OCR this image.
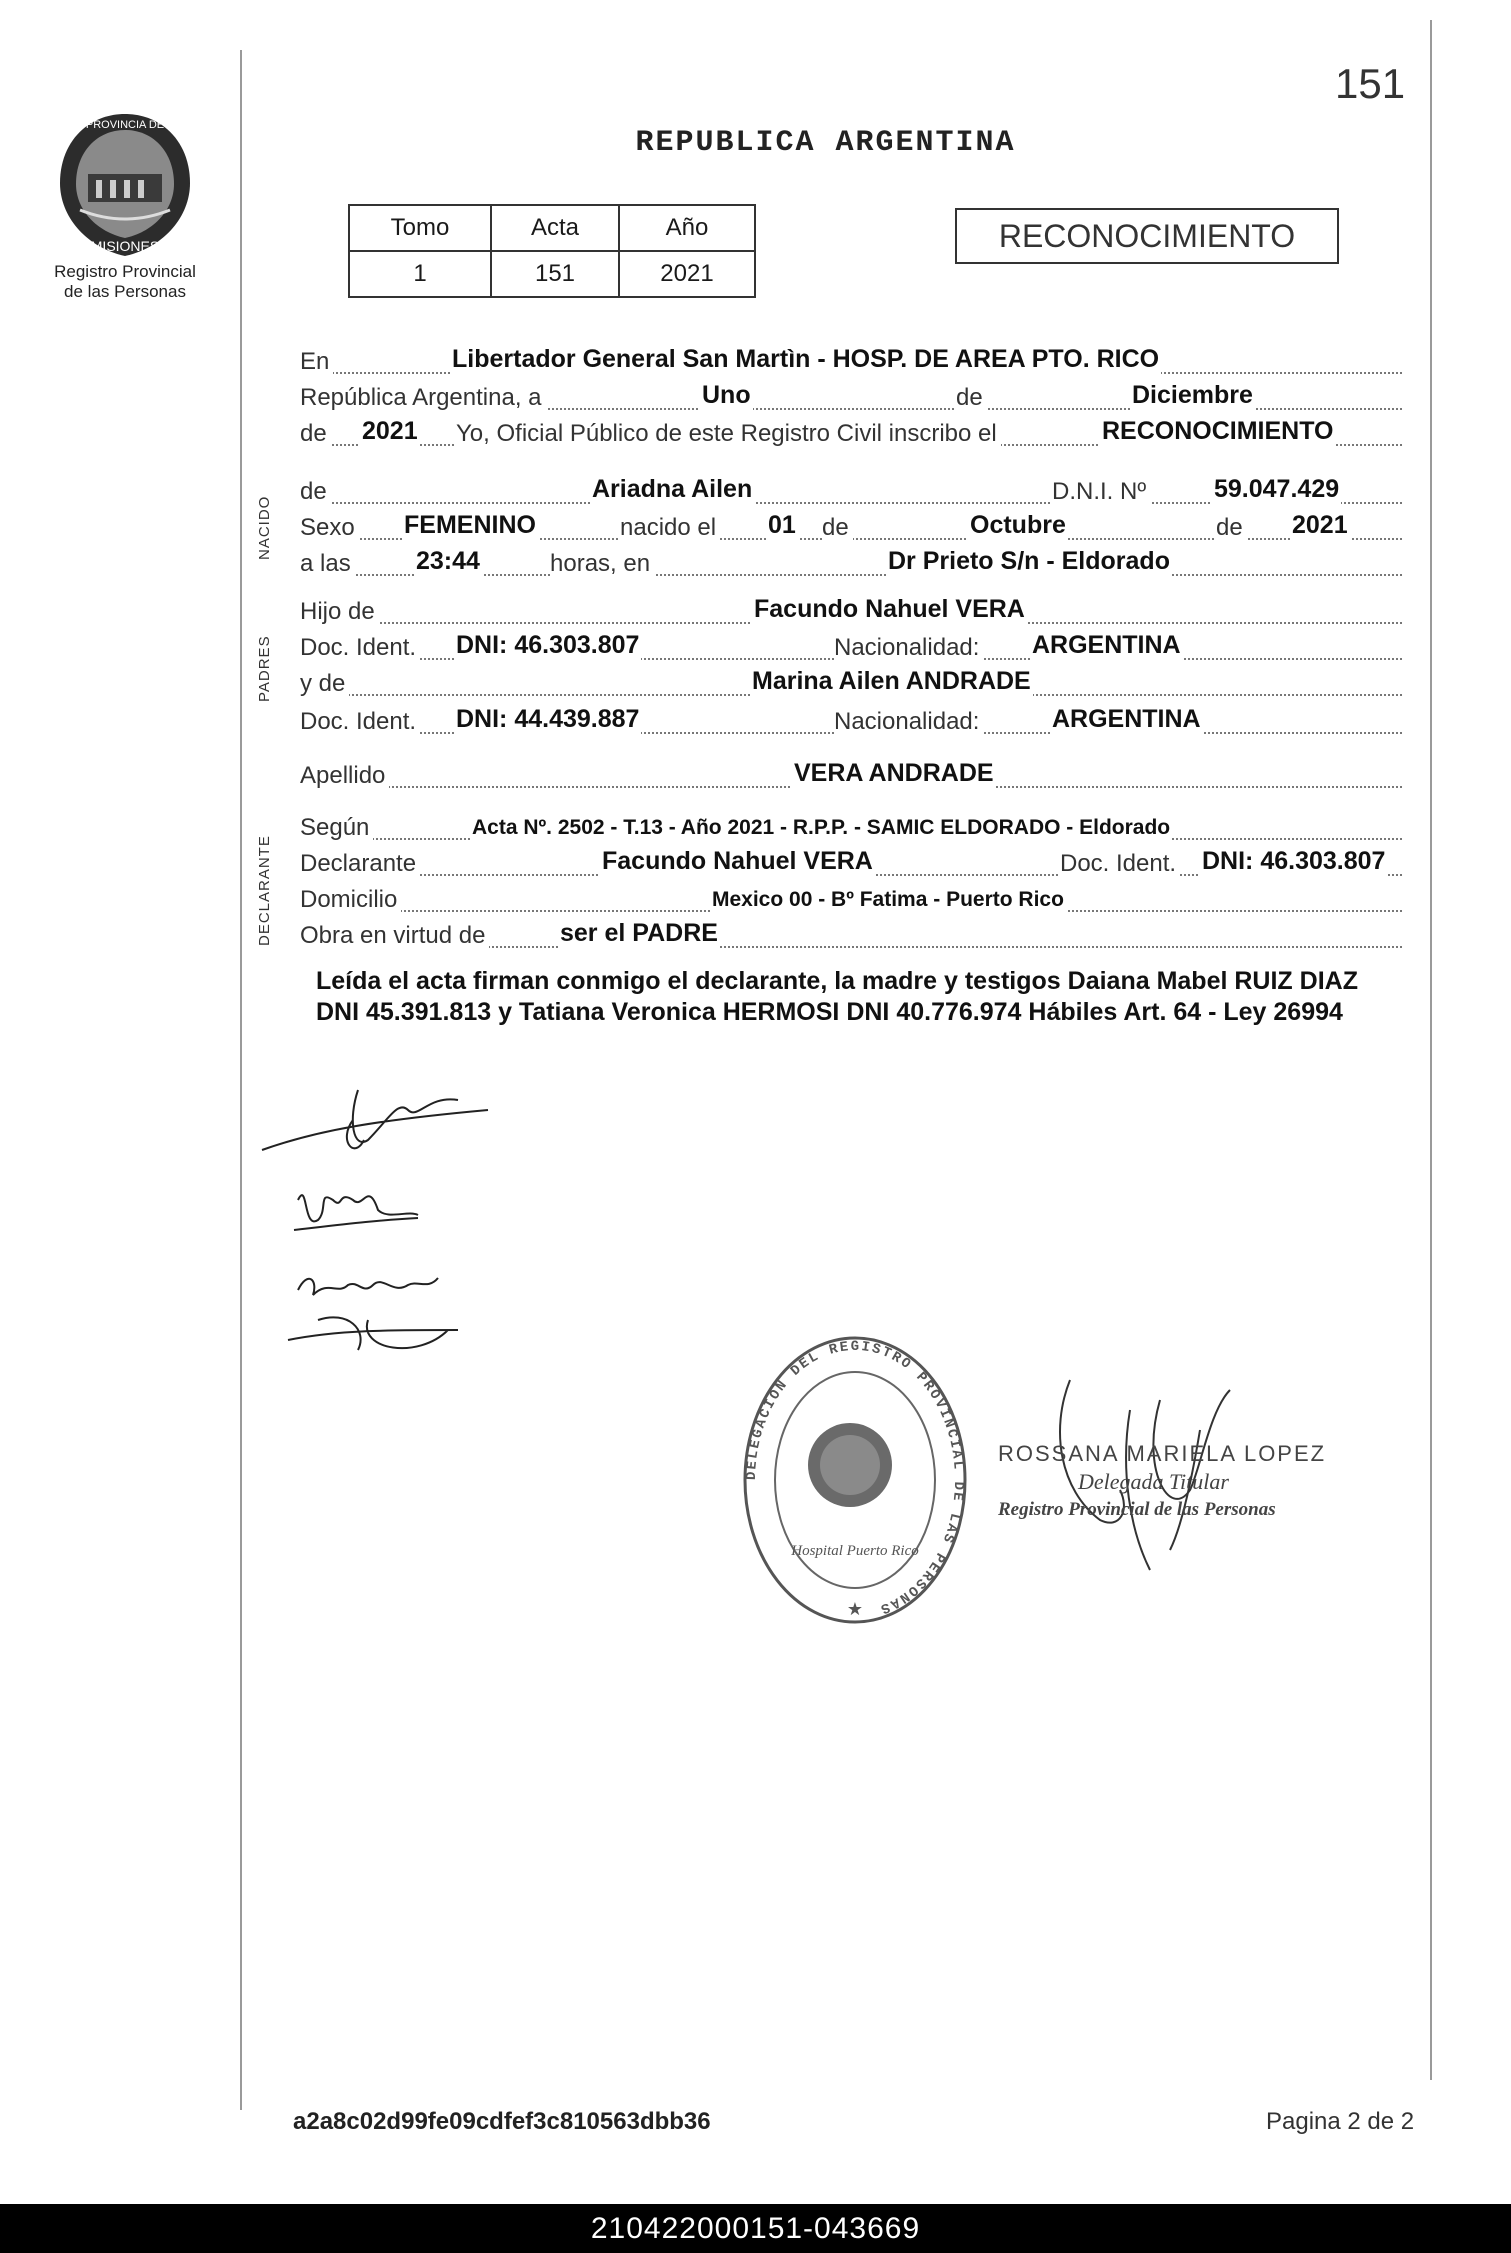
PROVINCIA DE
MISIONES
Registro Provincial
de las Personas
151
REPUBLICA ARGENTINA
Tomo	Acta	Año
1	151	2021
RECONOCIMIENTO
NACIDO
PADRES
DECLARANTE
En	Libertador General San Martìn - HOSP. DE AREA PTO. RICO
República Argentina, a	Uno	de	Diciembre
de 2021 Yo, Oficial Público de este Registro Civil inscribo el	RECONOCIMIENTO
de	Ariadna Ailen	D.N.I. Nº	59.047.429
Sexo FEMENINO	nacido el 01 de	Octubre	de 2021
a las	23:44	horas, en	Dr Prieto S/n - Eldorado
Hijo de	Facundo Nahuel VERA
Doc. Ident. DNI: 46.303.807	Nacionalidad: ARGENTINA
y de	Marina Ailen ANDRADE
Doc. Ident. DNI: 44.439.887	Nacionalidad:	ARGENTINA
Apellido	VERA ANDRADE
Según	Acta Nº. 2502 - T.13 - Año 2021 - R.P.P. - SAMIC ELDORADO - Eldorado
Declarante	Facundo Nahuel VERA	Doc. Ident. DNI: 46.303.807
Domicilio	Mexico 00 - Bº Fatima - Puerto Rico
Obra en virtud de	ser el PADRE
Leída el acta firman conmigo el declarante, la madre y testigos Daiana Mabel RUIZ DIAZ DNI 45.391.813 y Tatiana Veronica HERMOSI DNI 40.776.974 Hábiles Art. 64 - Ley 26994
DELEGACION DEL REGISTRO PROVINCIAL DE LAS PERSONAS
Hospital Puerto Rico
★
ROSSANA MARIELA LOPEZ
Delegada Titular
Registro Provincial de las Personas
a2a8c02d99fe09cdfef3c810563dbb36	Pagina 2 de 2
210422000151-043669
